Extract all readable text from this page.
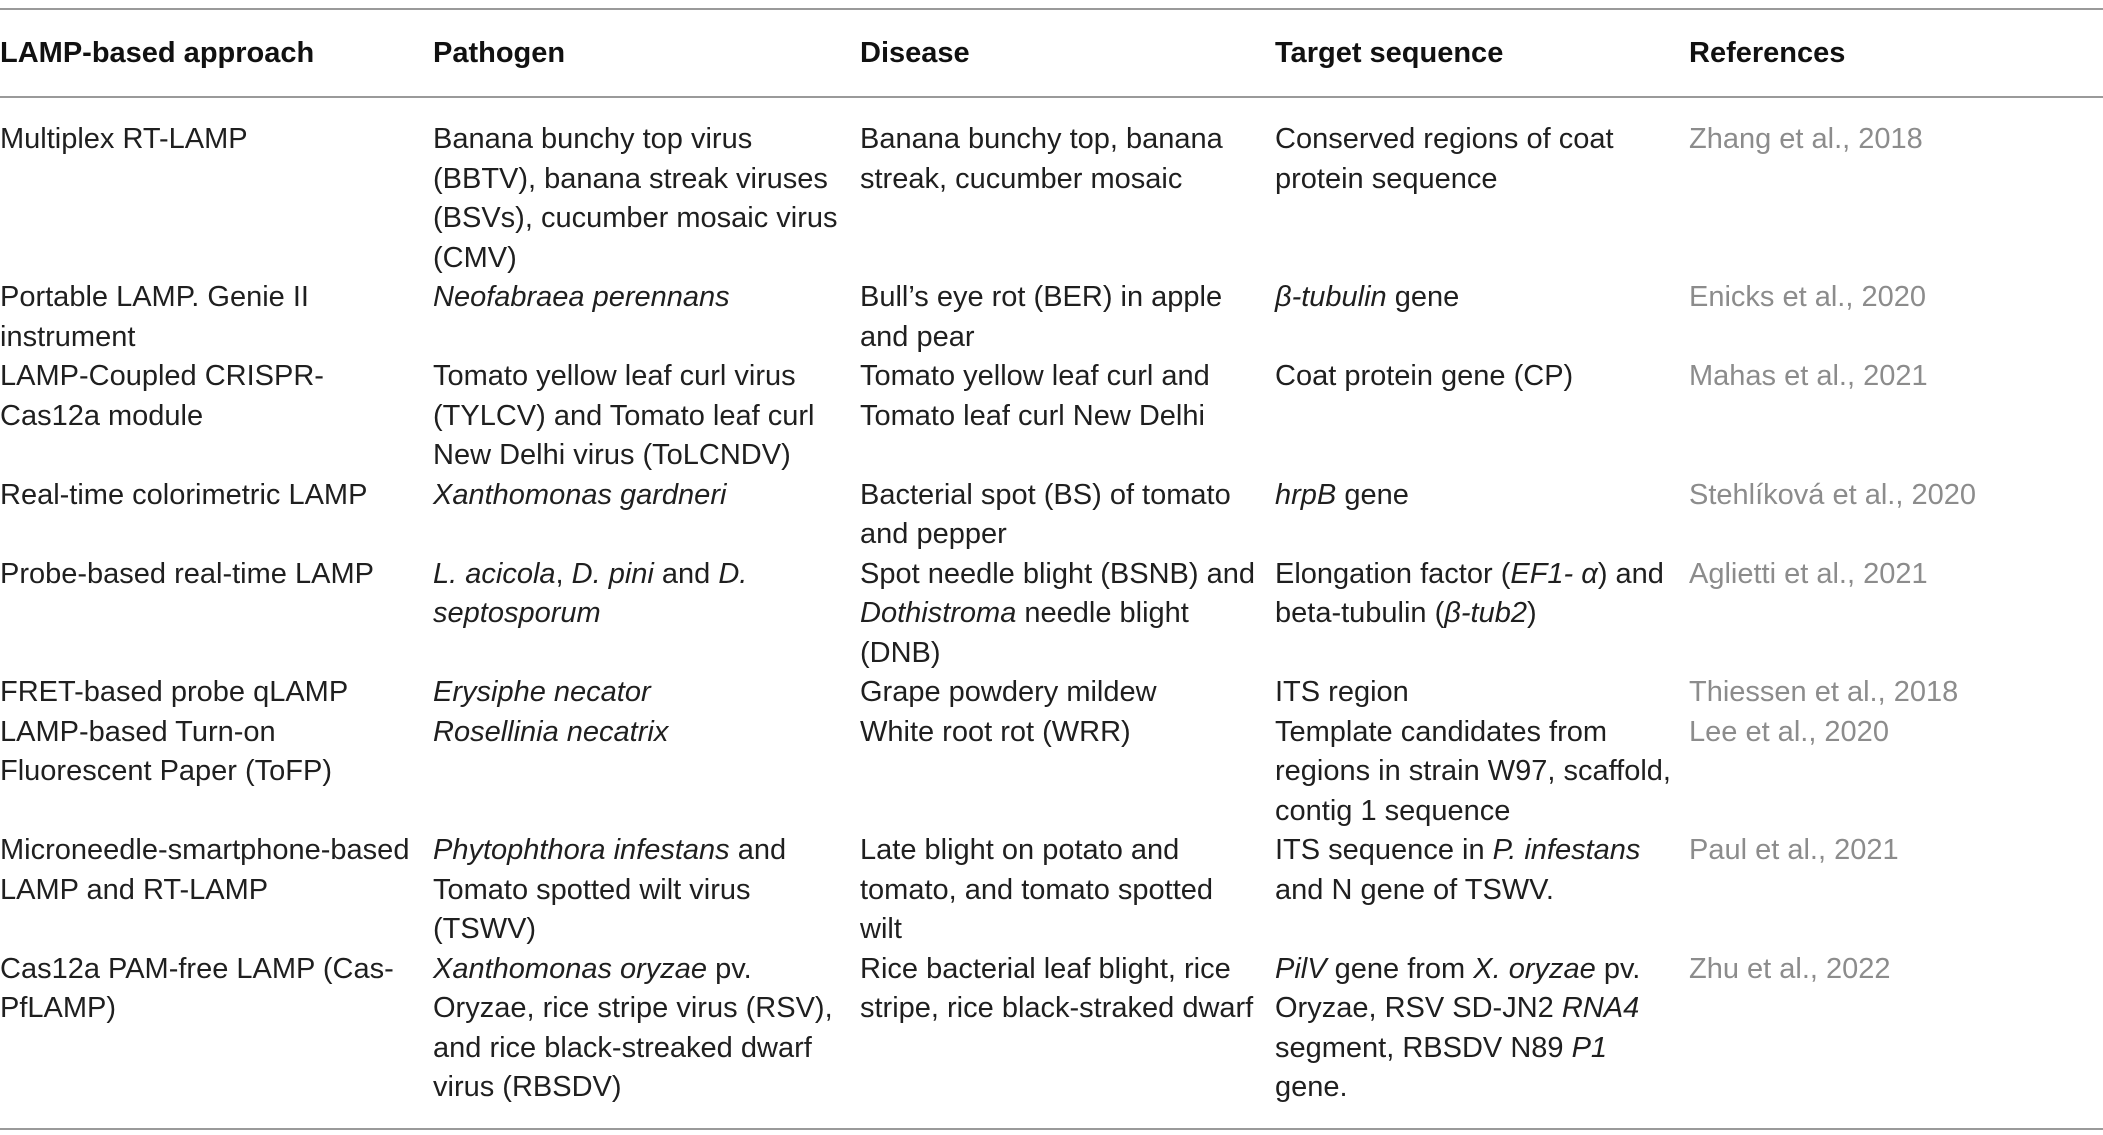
LAMP-based approach	Pathogen	Disease	Target sequence	References
Multiplex RT-LAMP	Banana bunchy top virus (BBTV), banana streak viruses (BSVs), cucumber mosaic virus (CMV)	Banana bunchy top, banana streak, cucumber mosaic	Conserved regions of coat protein sequence	Zhang et al., 2018
Portable LAMP. Genie II instrument	Neofabraea perennans	Bull’s eye rot (BER) in apple and pear	β-tubulin gene	Enicks et al., 2020
LAMP-Coupled CRISPR-Cas12a module	Tomato yellow leaf curl virus (TYLCV) and Tomato leaf curl New Delhi virus (ToLCNDV)	Tomato yellow leaf curl and Tomato leaf curl New Delhi	Coat protein gene (CP)	Mahas et al., 2021
Real-time colorimetric LAMP	Xanthomonas gardneri	Bacterial spot (BS) of tomato and pepper	hrpB gene	Stehlíková et al., 2020
Probe-based real-time LAMP	L. acicola, D. pini and D. septosporum	Spot needle blight (BSNB) and Dothistroma needle blight (DNB)	Elongation factor (EF1- α) and beta-tubulin (β-tub2)	Aglietti et al., 2021
FRET-based probe qLAMP	Erysiphe necator	Grape powdery mildew	ITS region	Thiessen et al., 2018
LAMP-based Turn-on Fluorescent Paper (ToFP)	Rosellinia necatrix	White root rot (WRR)	Template candidates from regions in strain W97, scaffold, contig 1 sequence	Lee et al., 2020
Microneedle-smartphone-based LAMP and RT-LAMP	Phytophthora infestans and Tomato spotted wilt virus (TSWV)	Late blight on potato and tomato, and tomato spotted wilt	ITS sequence in P. infestans and N gene of TSWV.	Paul et al., 2021
Cas12a PAM-free LAMP (Cas-PfLAMP)	Xanthomonas oryzae pv. Oryzae, rice stripe virus (RSV), and rice black-streaked dwarf virus (RBSDV)	Rice bacterial leaf blight, rice stripe, rice black-straked dwarf	PilV gene from X. oryzae pv. Oryzae, RSV SD-JN2 RNA4 segment, RBSDV N89 P1 gene.	Zhu et al., 2022
